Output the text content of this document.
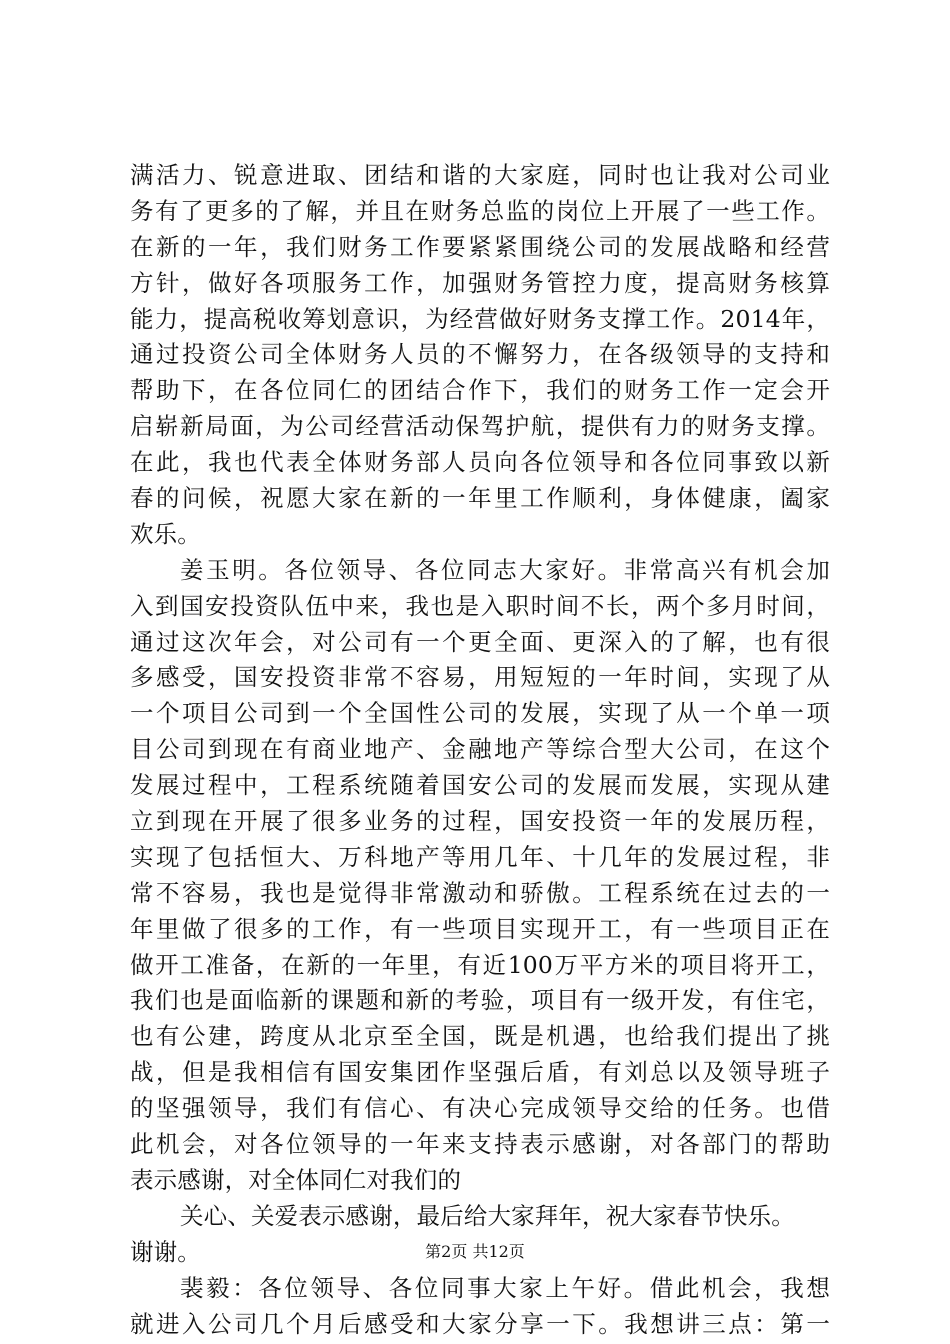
满活力、锐意进取、团结和谐的大家庭，同时也让我对公司业
务有了更多的了解，并且在财务总监的岗位上开展了一些工作。
在新的一年，我们财务工作要紧紧围绕公司的发展战略和经营
方针，做好各项服务工作，加强财务管控力度，提高财务核算
能力，提高税收筹划意识，为经营做好财务支撑工作。2014年，
通过投资公司全体财务人员的不懈努力，在各级领导的支持和
帮助下，在各位同仁的团结合作下，我们的财务工作一定会开
启崭新局面，为公司经营活动保驾护航，提供有力的财务支撑。
在此，我也代表全体财务部人员向各位领导和各位同事致以新
春的问候，祝愿大家在新的一年里工作顺利，身体健康，阖家
欢乐。
姜玉明。各位领导、各位同志大家好。非常高兴有机会加
入到国安投资队伍中来，我也是入职时间不长，两个多月时间，
通过这次年会，对公司有一个更全面、更深入的了解，也有很
多感受，国安投资非常不容易，用短短的一年时间，实现了从
一个项目公司到一个全国性公司的发展，实现了从一个单一项
目公司到现在有商业地产、金融地产等综合型大公司，在这个
发展过程中，工程系统随着国安公司的发展而发展，实现从建
立到现在开展了很多业务的过程，国安投资一年的发展历程，
实现了包括恒大、万科地产等用几年、十几年的发展过程，非
常不容易，我也是觉得非常激动和骄傲。工程系统在过去的一
年里做了很多的工作，有一些项目实现开工，有一些项目正在
做开工准备，在新的一年里，有近100万平方米的项目将开工，
我们也是面临新的课题和新的考验，项目有一级开发，有住宅，
也有公建，跨度从北京至全国，既是机遇，也给我们提出了挑
战，但是我相信有国安集团作坚强后盾，有刘总以及领导班子
的坚强领导，我们有信心、有决心完成领导交给的任务。也借
此机会，对各位领导的一年来支持表示感谢，对各部门的帮助
表示感谢，对全体同仁对我们的
关心、关爱表示感谢，最后给大家拜年，祝大家春节快乐。
谢谢。
裴毅：各位领导、各位同事大家上午好。借此机会，我想
就进入公司几个月后感受和大家分享一下。我想讲三点：第一
第2页 共12页
